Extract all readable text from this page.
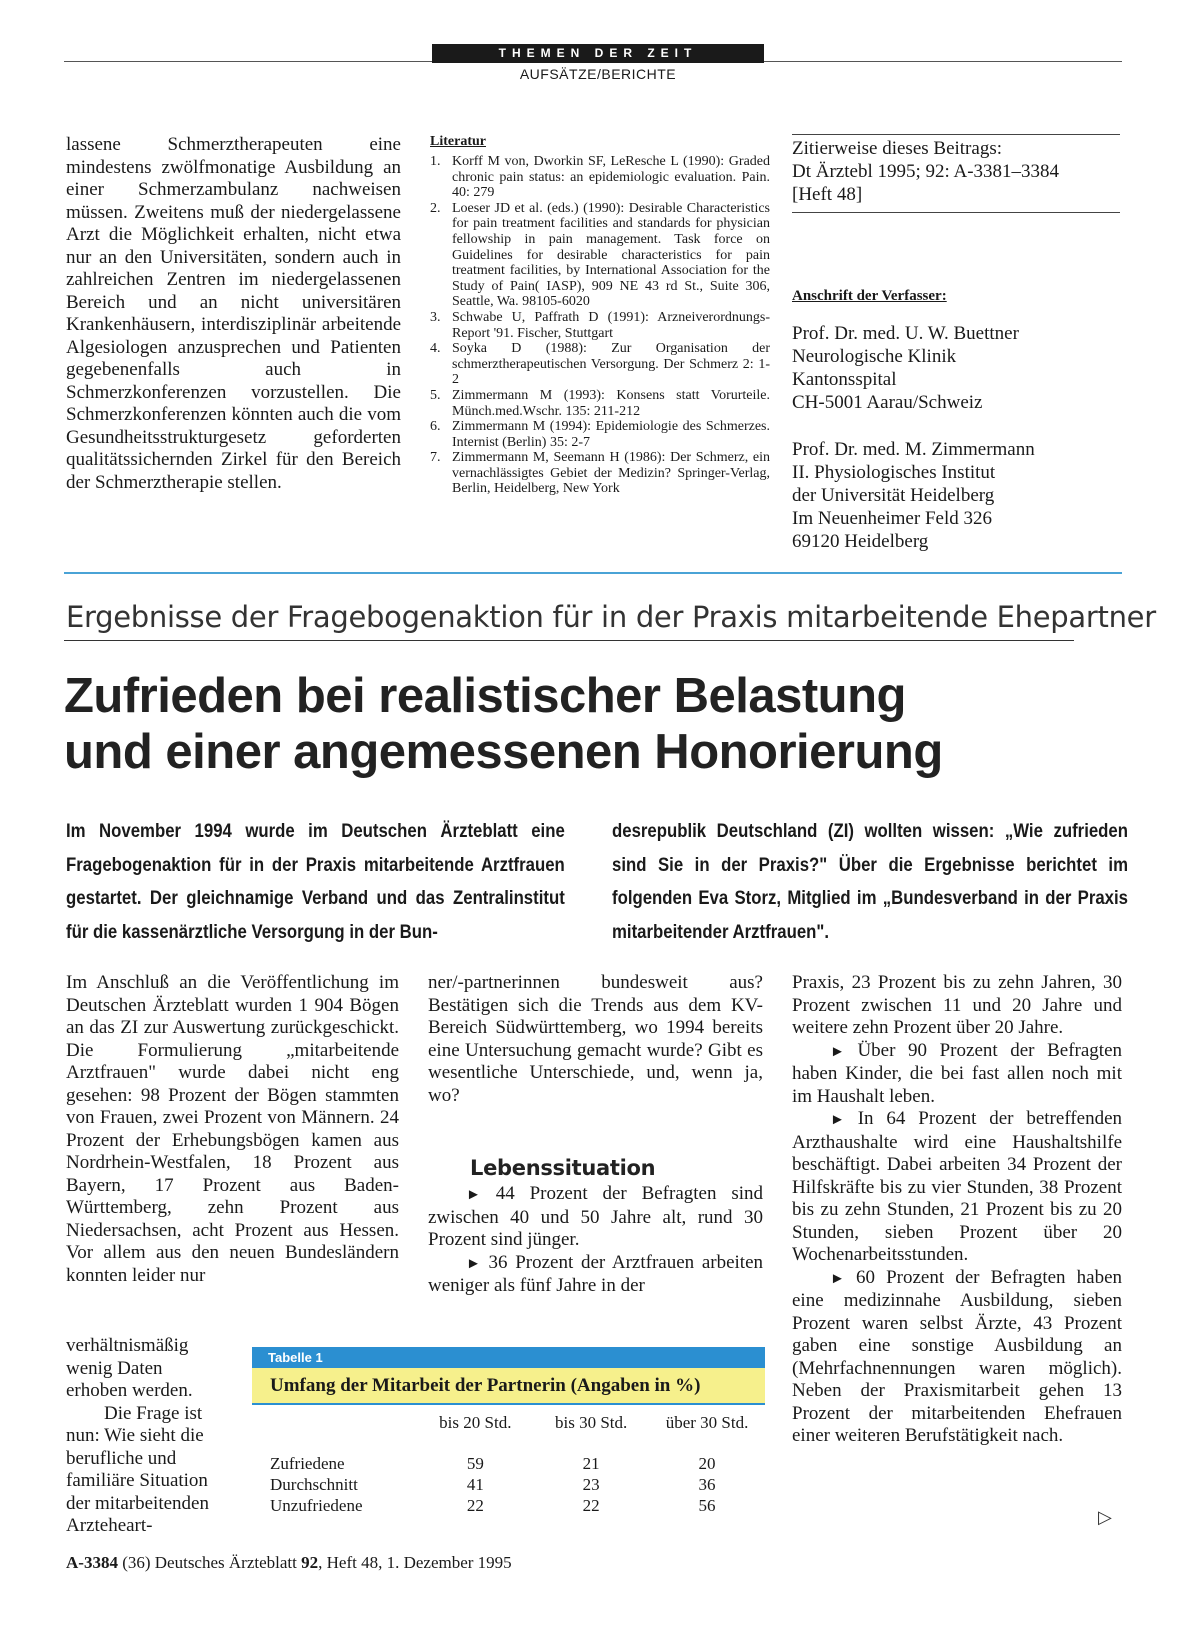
THEMEN DER ZEIT
AUFSÄTZE/BERICHTE

lassene Schmerztherapeuten eine mindestens zwölfmonatige Ausbildung an einer Schmerzambulanz nachweisen müssen. Zweitens muß der niedergelassene Arzt die Möglichkeit erhalten, nicht etwa nur an den Universitäten, sondern auch in zahlreichen Zentren im niedergelassenen Bereich und an nicht universitären Krankenhäusern, interdisziplinär arbeitende Algesiologen anzusprechen und Patienten gegebenenfalls auch in Schmerzkonferenzen vorzustellen. Die Schmerzkonferenzen könnten auch die vom Gesundheitsstrukturgesetz geforderten qualitätssichernden Zirkel für den Bereich der Schmerztherapie stellen.

Literatur
1. Korff M von, Dworkin SF, LeResche L (1990): Graded chronic pain status: an epidemiologic evaluation. Pain. 40: 279
2. Loeser JD et al. (eds.) (1990): Desirable Characteristics for pain treatment facilities and standards for physician fellowship in pain management. Task force on Guidelines for desirable characteristics for pain treatment facilities, by International Association for the Study of Pain( IASP), 909 NE 43 rd St., Suite 306, Seattle, Wa. 98105-6020
3. Schwabe U, Paffrath D (1991): Arzneiverordnungs-Report '91. Fischer, Stuttgart
4. Soyka D (1988): Zur Organisation der schmerztherapeutischen Versorgung. Der Schmerz 2: 1-2
5. Zimmermann M (1993): Konsens statt Vorurteile. Münch.med.Wschr. 135: 211-212
6. Zimmermann M (1994): Epidemiologie des Schmerzes. Internist (Berlin) 35: 2-7
7. Zimmermann M, Seemann H (1986): Der Schmerz, ein vernachlässigtes Gebiet der Medizin? Springer-Verlag, Berlin, Heidelberg, New York

Zitierweise dieses Beitrags:

Dt Ärztebl 1995; 92: A-3381–3384

[Heft 48]

Anschrift der Verfasser:

Prof. Dr. med. U. W. Buettner

Neurologische Klinik

Kantonsspital

CH-5001 Aarau/Schweiz

Prof. Dr. med. M. Zimmermann

II. Physiologisches Institut

der Universität Heidelberg

Im Neuenheimer Feld 326

69120 Heidelberg

Ergebnisse der Fragebogenaktion für in der Praxis mitarbeitende Ehepartner
Zufrieden bei realistischer Belastung
und einer angemessenen Honorierung

Im November 1994 wurde im Deutschen Ärzteblatt eine Fragebogenaktion für in der Praxis mitarbeitende Arztfrauen gestartet. Der gleichnamige Verband und das Zentralinstitut für die kassenärztliche Versorgung in der Bun-

desrepublik Deutschland (ZI) wollten wissen: „Wie zufrieden sind Sie in der Praxis?" Über die Ergebnisse berichtet im folgenden Eva Storz, Mitglied im „Bundesverband in der Praxis mitarbeitender Arztfrauen".

Im Anschluß an die Veröffentlichung im Deutschen Ärzteblatt wurden 1 904 Bögen an das ZI zur Auswertung zurückgeschickt. Die Formulierung „mitarbeitende Arztfrauen" wurde dabei nicht eng gesehen: 98 Prozent der Bögen stammten von Frauen, zwei Prozent von Männern. 24 Prozent der Erhebungsbögen kamen aus Nordrhein-Westfalen, 18 Prozent aus Bayern, 17 Prozent aus Baden-Württemberg, zehn Prozent aus Niedersachsen, acht Prozent aus Hessen. Vor allem aus den neuen Bundesländern konnten leider nur

verhältnismäßig wenig Daten erhoben werden.

Die Frage ist nun: Wie sieht die berufliche und familiäre Situation der mitarbeitenden Arzteheart-

ner/-partnerinnen bundesweit aus? Bestätigen sich die Trends aus dem KV-Bereich Südwürttemberg, wo 1994 bereits eine Untersuchung gemacht wurde? Gibt es wesentliche Unterschiede, und, wenn ja, wo?

► 44 Prozent der Befragten sind zwischen 40 und 50 Jahre alt, rund 30 Prozent sind jünger.

► 36 Prozent der Arztfrauen arbeiten weniger als fünf Jahre in der

Lebenssituation

Praxis, 23 Prozent bis zu zehn Jahren, 30 Prozent zwischen 11 und 20 Jahre und weitere zehn Prozent über 20 Jahre.

► Über 90 Prozent der Befragten haben Kinder, die bei fast allen noch mit im Haushalt leben.

► In 64 Prozent der betreffenden Arzthaushalte wird eine Haushaltshilfe beschäftigt. Dabei arbeiten 34 Prozent der Hilfskräfte bis zu vier Stunden, 38 Prozent bis zu zehn Stunden, 21 Prozent bis zu 20 Stunden, sieben Prozent über 20 Wochenarbeitsstunden.

► 60 Prozent der Befragten haben eine medizinnahe Ausbildung, sieben Prozent waren selbst Ärzte, 43 Prozent gaben eine sonstige Ausbildung an (Mehrfachnennungen waren möglich). Neben der Praxismitarbeit gehen 13 Prozent der mitarbeitenden Ehefrauen einer weiteren Berufstätigkeit nach.

▷
Tabelle 1
Umfang der Mitarbeit der Partnerin (Angaben in %)
	bis 20 Std.	bis 30 Std.	über 30 Std.
Zufriedene	59	21	20
Durchschnitt	41	23	36
Unzufriedene	22	22	56
A-3384 (36) Deutsches Ärzteblatt 92, Heft 48, 1. Dezember 1995
